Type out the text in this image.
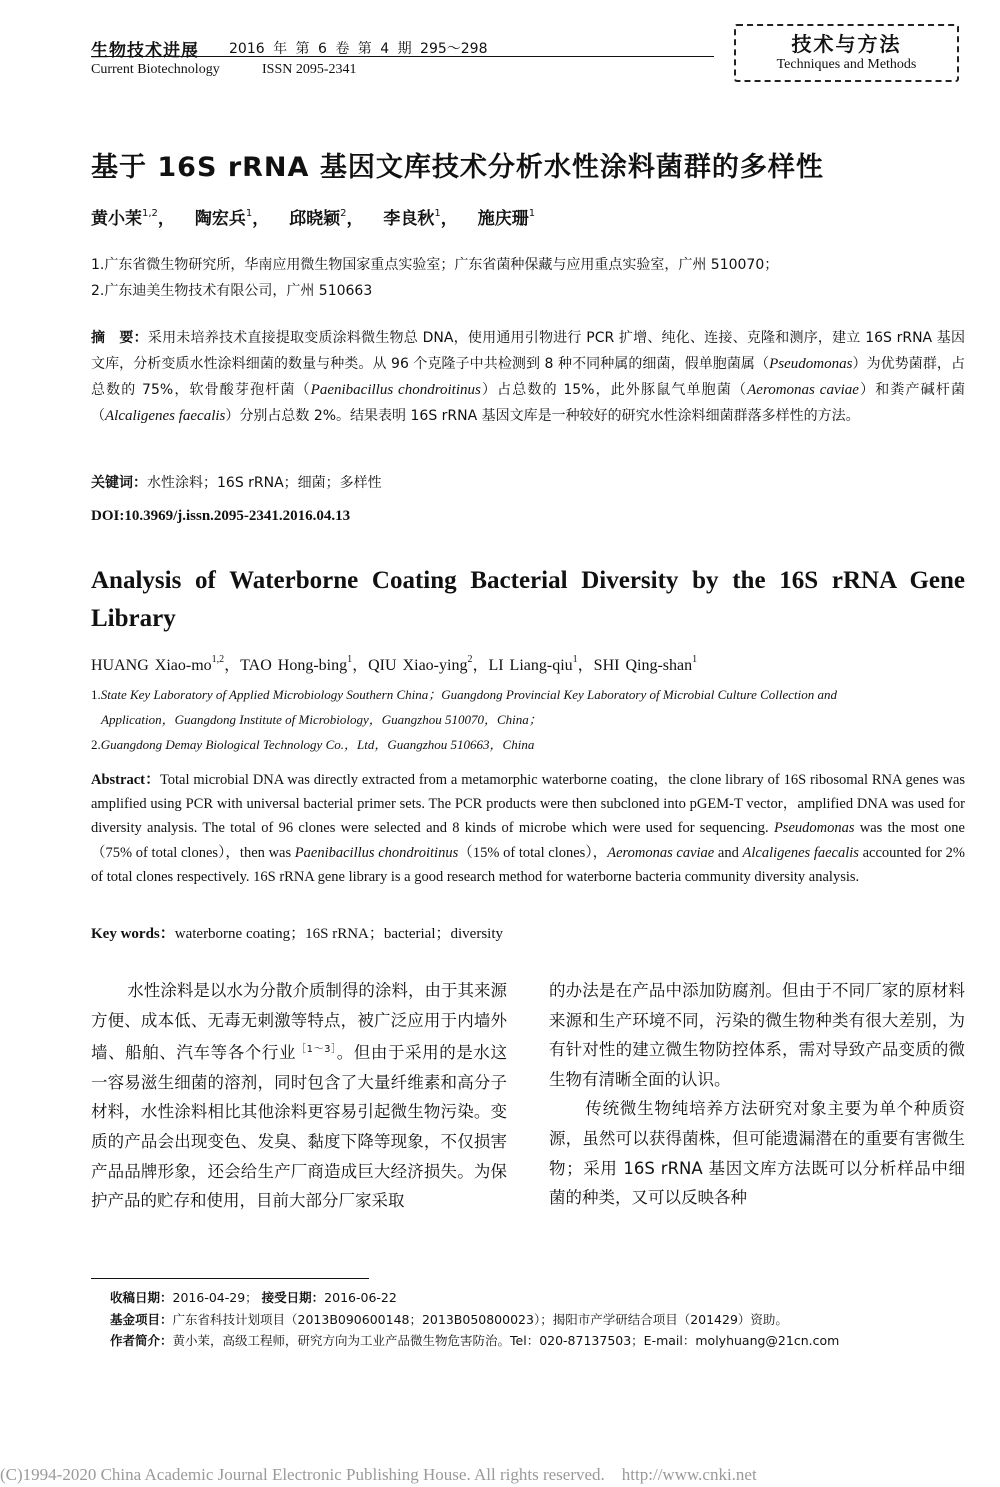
生物技术进展 2016 年 第 6 卷 第 4 期 295～298
Current Biotechnology	ISSN 2095-2341
技术与方法
Techniques and Methods
基于 16S rRNA 基因文库技术分析水性涂料菌群的多样性
黄小茉$^{1,2}$， 陶宏兵$^1$， 邱晓颖$^2$， 李良秋$^1$， 施庆珊$^1$
1.广东省微生物研究所，华南应用微生物国家重点实验室；广东省菌种保藏与应用重点实验室，广州 510070；
2.广东迪美生物技术有限公司，广州 510663
摘　要：采用未培养技术直接提取变质涂料微生物总 DNA，使用通用引物进行 PCR 扩增、纯化、连接、克隆和测序，建立 16S rRNA 基因文库，分析变质水性涂料细菌的数量与种类。从 96 个克隆子中共检测到 8 种不同种属的细菌，假单胞菌属（Pseudomonas）为优势菌群，占总数的 75%，软骨酸芽孢杆菌（Paenibacillus chondroitinus）占总数的 15%，此外豚鼠气单胞菌（Aeromonas caviae）和粪产碱杆菌（Alcaligenes faecalis）分别占总数 2%。结果表明 16S rRNA 基因文库是一种较好的研究水性涂料细菌群落多样性的方法。
关键词：水性涂料；16S rRNA；细菌；多样性
DOI:10.3969/j.issn.2095-2341.2016.04.13
Analysis of Waterborne Coating Bacterial Diversity by the 16S rRNA Gene Library
HUANG Xiao-mo$^{1,2}$，TAO Hong-bing$^1$，QIU Xiao-ying$^2$，LI Liang-qiu$^1$，SHI Qing-shan$^1$
1.State Key Laboratory of Applied Microbiology Southern China；Guangdong Provincial Key Laboratory of Microbial Culture Collection and
Application，Guangdong Institute of Microbiology，Guangzhou 510070，China；
2.Guangdong Demay Biological Technology Co.，Ltd，Guangzhou 510663，China
Abstract：Total microbial DNA was directly extracted from a metamorphic waterborne coating，the clone library of 16S ribosomal RNA genes was amplified using PCR with universal bacterial primer sets. The PCR products were then subcloned into pGEM-T vector，amplified DNA was used for diversity analysis. The total of 96 clones were selected and 8 kinds of microbe which were used for sequencing. Pseudomonas was the most one（75% of total clones），then was Paenibacillus chondroitinus（15% of total clones），Aeromonas caviae and Alcaligenes faecalis accounted for 2% of total clones respectively. 16S rRNA gene library is a good research method for waterborne bacteria community diversity analysis.
Key words：waterborne coating；16S rRNA；bacterial；diversity
水性涂料是以水为分散介质制得的涂料，由于其来源方便、成本低、无毒无刺激等特点，被广泛应用于内墙外墙、船舶、汽车等各个行业$^{[1\sim 3]}$。但由于采用的是水这一容易滋生细菌的溶剂，同时包含了大量纤维素和高分子材料，水性涂料相比其他涂料更容易引起微生物污染。变质的产品会出现变色、发臭、黏度下降等现象，不仅损害产品品牌形象，还会给生产厂商造成巨大经济损失。为保护产品的贮存和使用，目前大部分厂家采取
的办法是在产品中添加防腐剂。但由于不同厂家的原材料来源和生产环境不同，污染的微生物种类有很大差别，为有针对性的建立微生物防控体系，需对导致产品变质的微生物有清晰全面的认识。
传统微生物纯培养方法研究对象主要为单个种质资源，虽然可以获得菌株，但可能遗漏潜在的重要有害微生物；采用 16S rRNA 基因文库方法既可以分析样品中细菌的种类，又可以反映各种
收稿日期：2016-04-29； 接受日期：2016-06-22
基金项目：广东省科技计划项目（2013B090600148；2013B050800023）；揭阳市产学研结合项目（201429）资助。
作者简介：黄小茉，高级工程师，研究方向为工业产品微生物危害防治。Tel：020-87137503；E-mail：molyhuang@21cn.com
(C)1994-2020 China Academic Journal Electronic Publishing House. All rights reserved.    http://www.cnki.net
